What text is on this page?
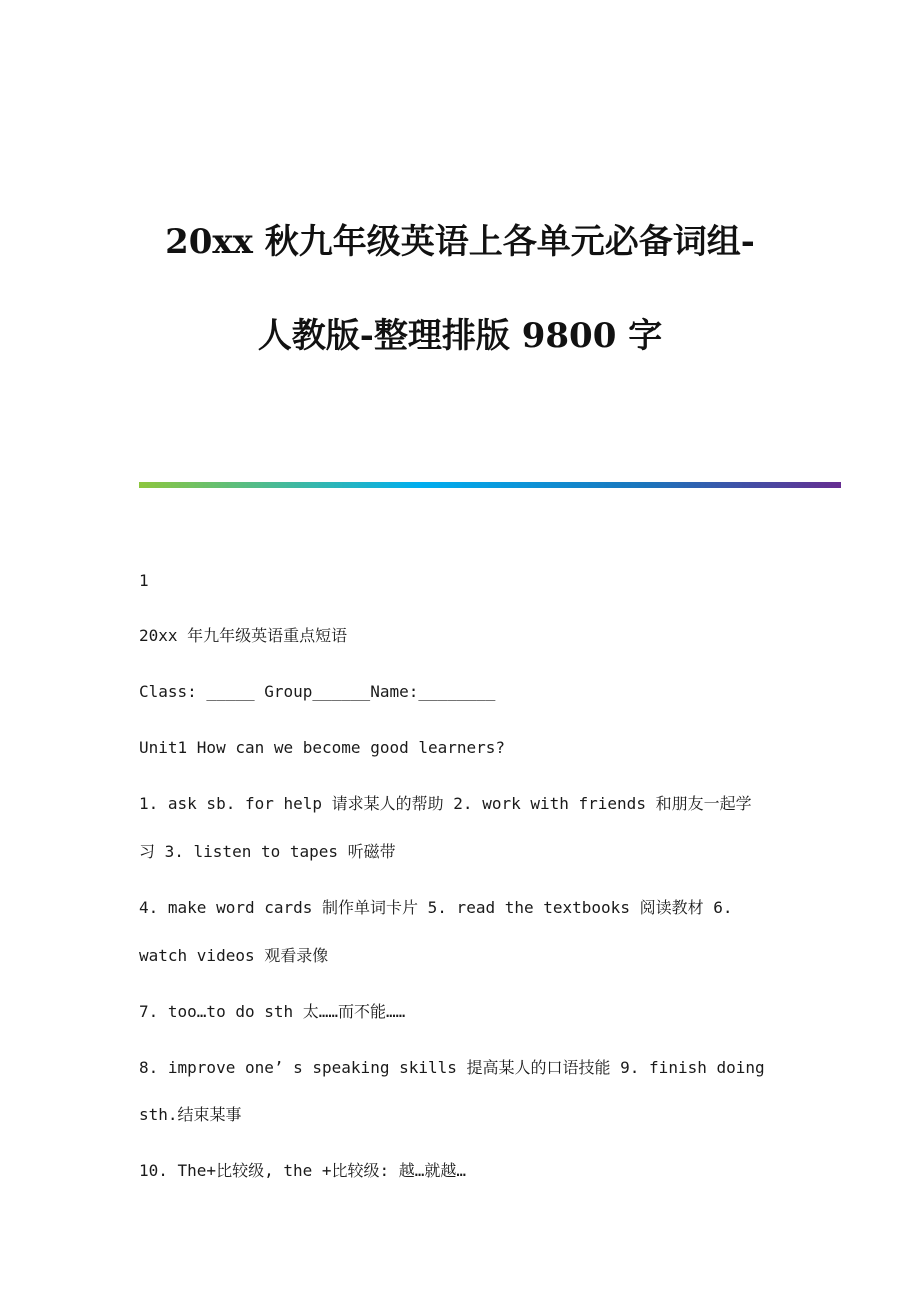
20xx 秋九年级英语上各单元必备词组-
人教版-整理排版 9800 字
1
20xx 年九年级英语重点短语
Class: _____ Group______Name:________
Unit1 How can we become good learners?
1. ask sb. for help 请求某人的帮助 2. work with friends 和朋友一起学
习 3. listen to tapes 听磁带
4. make word cards 制作单词卡片 5. read the textbooks 阅读教材 6.
watch videos 观看录像
7. too…to do sth 太……而不能……
8. improve one’ s speaking skills 提高某人的口语技能 9. finish doing
sth.结束某事
10. The+比较级, the +比较级: 越…就越…
